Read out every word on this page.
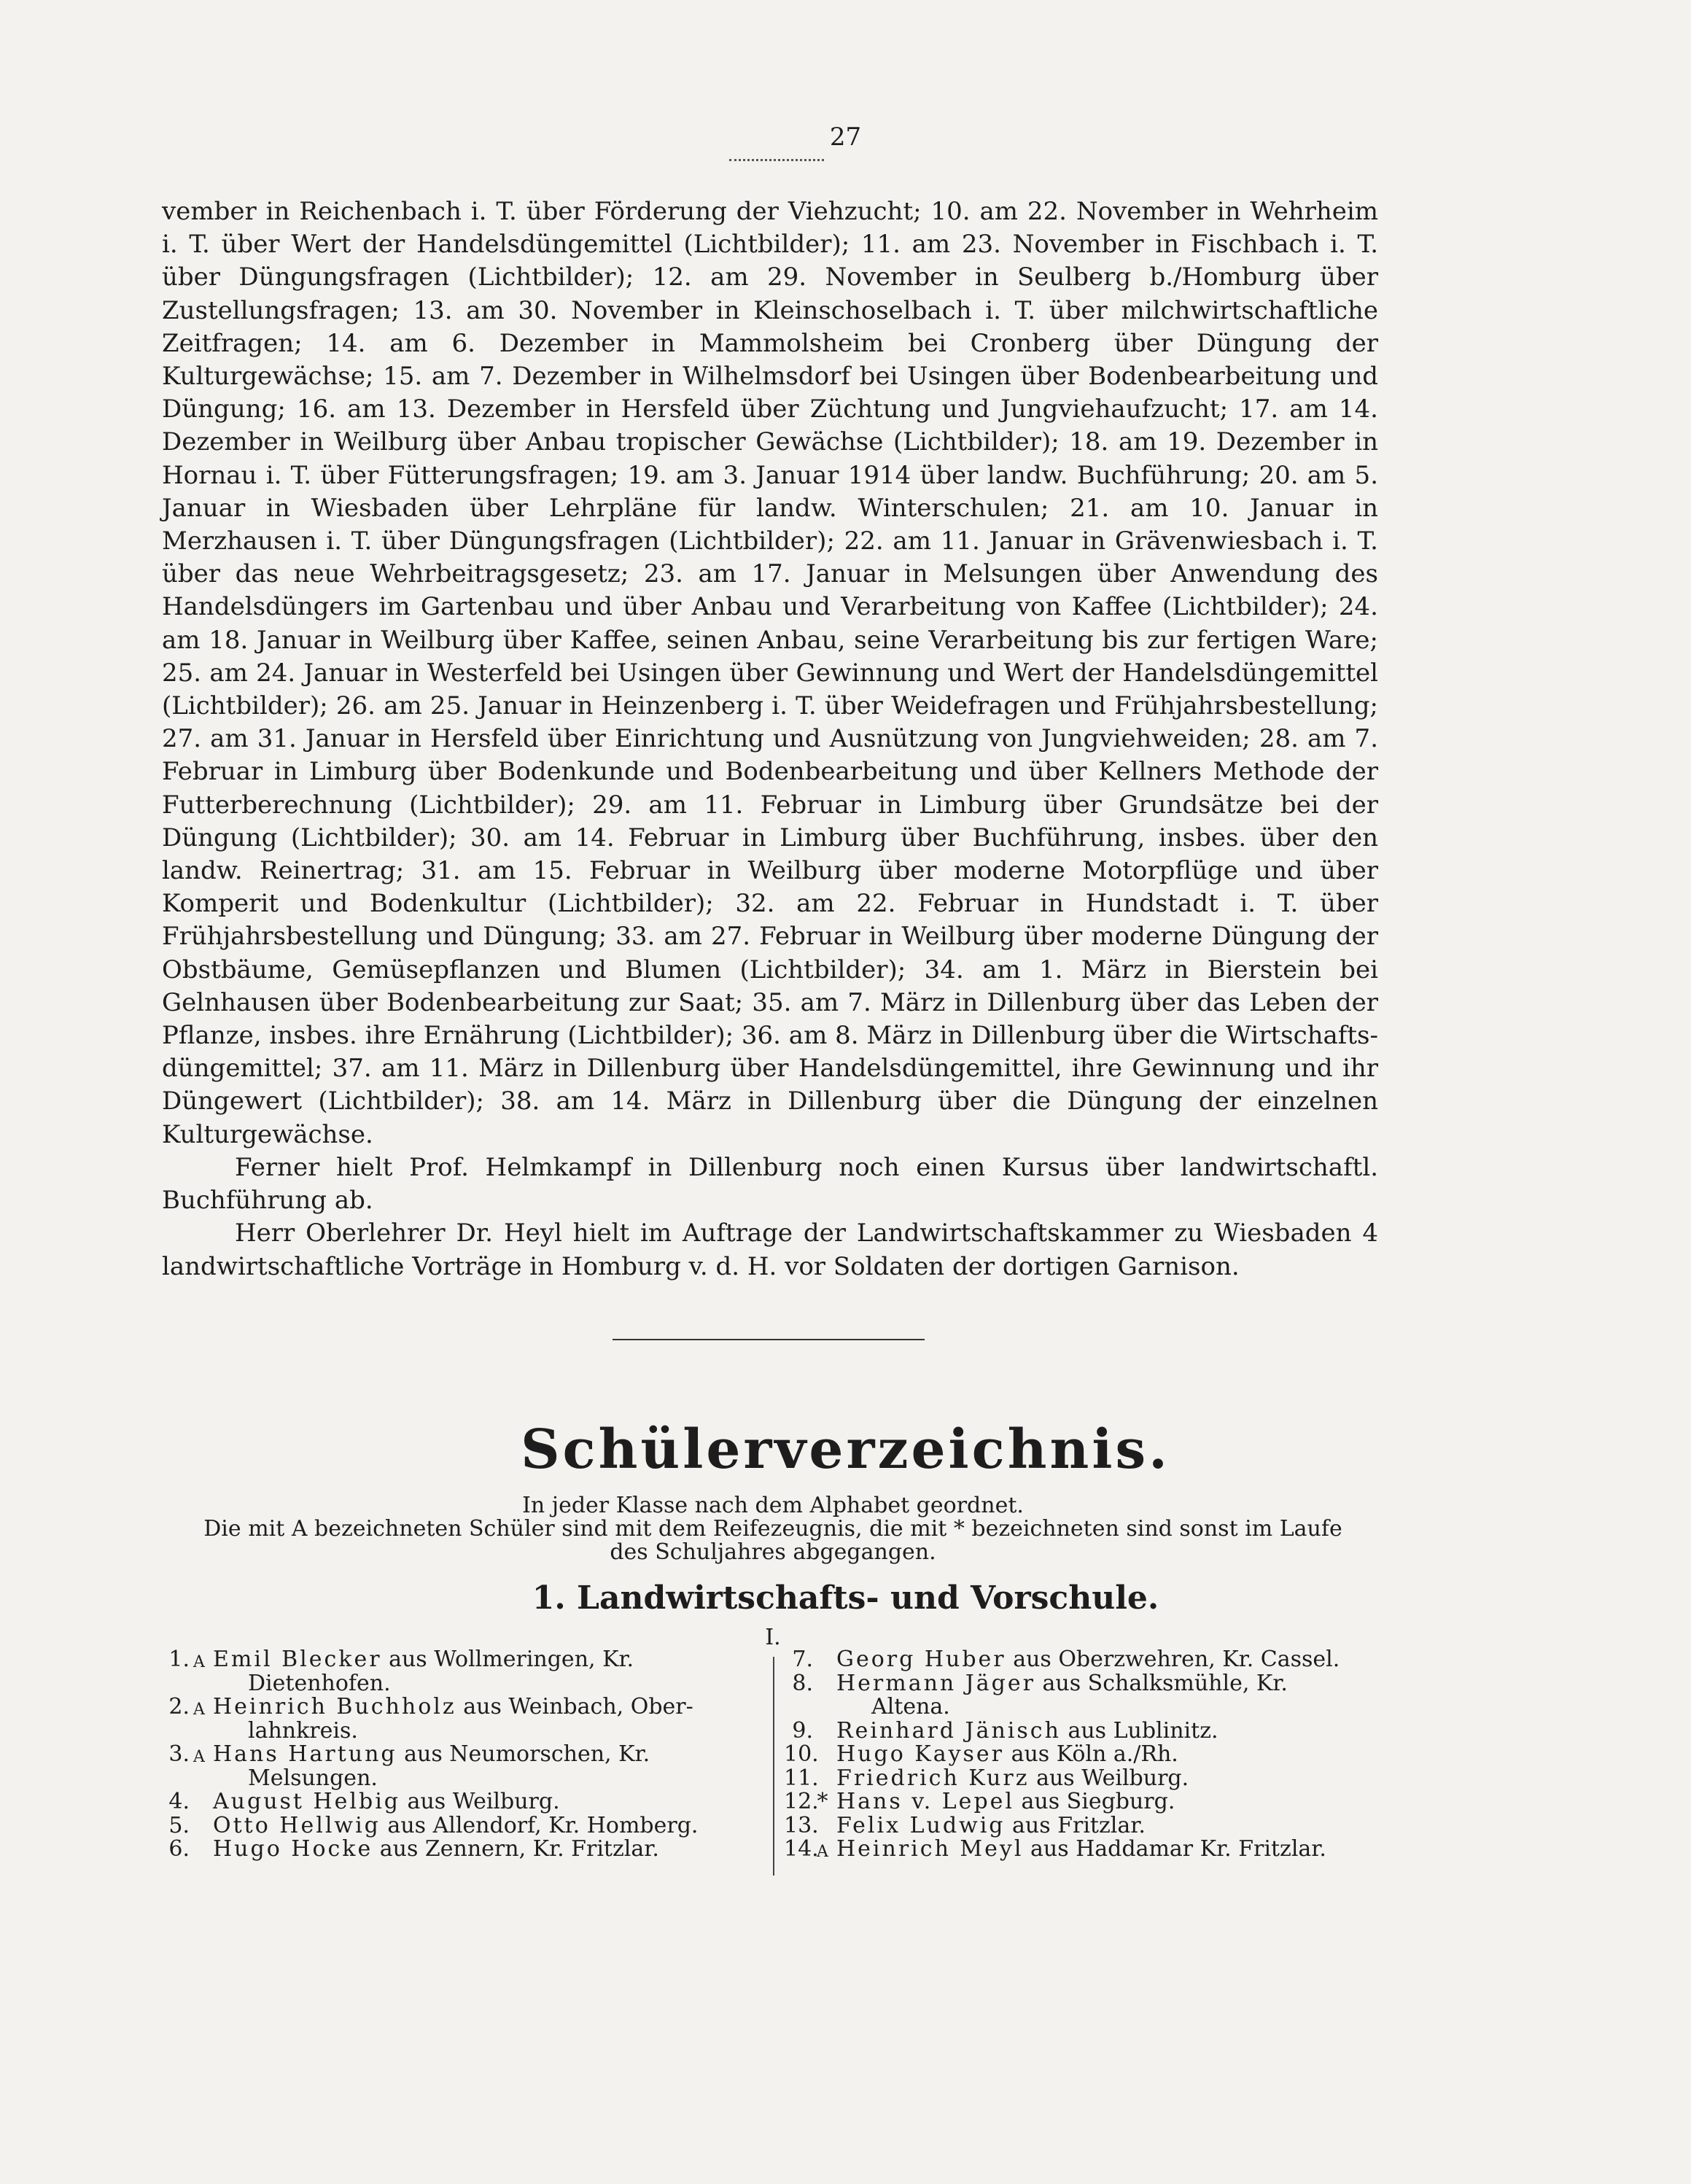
27

vember in Reichenbach i. T. über Förderung der Viehzucht; 10. am 22. November in Wehrheim i. T. über Wert der Handelsdüngemittel (Lichtbilder); 11. am 23. November in Fischbach i. T. über Düngungsfragen (Lichtbilder); 12. am 29. November in Seulberg b./Homburg über Zustellungsfragen; 13. am 30. November in Kleinschoselbach i. T. über milchwirtschaftliche Zeitfragen; 14. am 6. Dezember in Mammolsheim bei Cronberg über Düngung der Kulturgewächse; 15. am 7. Dezember in Wilhelmsdorf bei Usingen über Bodenbearbeitung und Düngung; 16. am 13. Dezember in Hersfeld über Züchtung und Jungviehaufzucht; 17. am 14. Dezember in Weilburg über Anbau tropischer Gewächse (Lichtbilder); 18. am 19. Dezember in Hornau i. T. über Fütterungsfragen; 19. am 3. Januar 1914 über landw. Buchführung; 20. am 5. Januar in Wiesbaden über Lehrpläne für landw. Winterschulen; 21. am 10. Januar in Merzhausen i. T. über Düngungsfragen (Lichtbilder); 22. am 11. Januar in Grävenwiesbach i. T. über das neue Wehrbeitragsgesetz; 23. am 17. Januar in Melsungen über Anwendung des Handelsdüngers im Gartenbau und über Anbau und Verarbeitung von Kaffee (Lichtbilder); 24. am 18. Januar in Weilburg über Kaffee, seinen Anbau, seine Verarbeitung bis zur fertigen Ware; 25. am 24. Januar in Westerfeld bei Usingen über Gewinnung und Wert der Handelsdüngemittel (Lichtbilder); 26. am 25. Januar in Heinzenberg i. T. über Weidefragen und Frühjahrsbestellung; 27. am 31. Januar in Hersfeld über Einrichtung und Ausnützung von Jungviehweiden; 28. am 7. Februar in Limburg über Bodenkunde und Bodenbearbeitung und über Kellners Methode der Futterberechnung (Lichtbilder); 29. am 11. Februar in Limburg über Grundsätze bei der Düngung (Lichtbilder); 30. am 14. Februar in Limburg über Buchführung, insbes. über den landw. Reinertrag; 31. am 15. Februar in Weilburg über moderne Motorpflüge und über Komperit und Bodenkultur (Lichtbilder); 32. am 22. Februar in Hundstadt i. T. über Frühjahrsbestellung und Düngung; 33. am 27. Februar in Weilburg über moderne Düngung der Obstbäume, Gemüsepflanzen und Blumen (Lichtbilder); 34. am 1. März in Bierstein bei Gelnhausen über Bodenbearbeitung zur Saat; 35. am 7. März in Dillenburg über das Leben der Pflanze, insbes. ihre Ernährung (Lichtbilder); 36. am 8. März in Dillenburg über die Wirtschaftsdüngemittel; 37. am 11. März in Dillenburg über Handelsdüngemittel, ihre Gewinnung und ihr Düngewert (Lichtbilder); 38. am 14. März in Dillenburg über die Düngung der einzelnen Kulturgewächse.

Ferner hielt Prof. Helmkampf in Dillenburg noch einen Kursus über landwirtschaftl. Buchführung ab.

Herr Oberlehrer Dr. Heyl hielt im Auftrage der Landwirtschaftskammer zu Wiesbaden 4 landwirtschaftliche Vorträge in Homburg v. d. H. vor Soldaten der dortigen Garnison.

Schülerverzeichnis.
In jeder Klasse nach dem Alphabet geordnet.
Die mit A bezeichneten Schüler sind mit dem Reifezeugnis, die mit * bezeichneten sind sonst im Laufe
des Schuljahres abgegangen.
1. Landwirtschafts- und Vorschule.
I.
1. A Emil Blecker aus Wollmeringen, Kr.
Dietenhofen.
2. A Heinrich Buchholz aus Weinbach, Ober-
lahnkreis.
3. A Hans Hartung aus Neumorschen, Kr.
Melsungen.
4. August Helbig aus Weilburg.
5. Otto Hellwig aus Allendorf, Kr. Homberg.
6. Hugo Hocke aus Zennern, Kr. Fritzlar.
7. Georg Huber aus Oberzwehren, Kr. Cassel.
8. Hermann Jäger aus Schalksmühle, Kr.
Altena.
9. Reinhard Jänisch aus Lublinitz.
10. Hugo Kayser aus Köln a./Rh.
11. Friedrich Kurz aus Weilburg.
12.
* Hans v. Lepel aus Siegburg.
13. Felix Ludwig aus Fritzlar.
14.
A Heinrich Meyl aus Haddamar Kr. Fritzlar.
